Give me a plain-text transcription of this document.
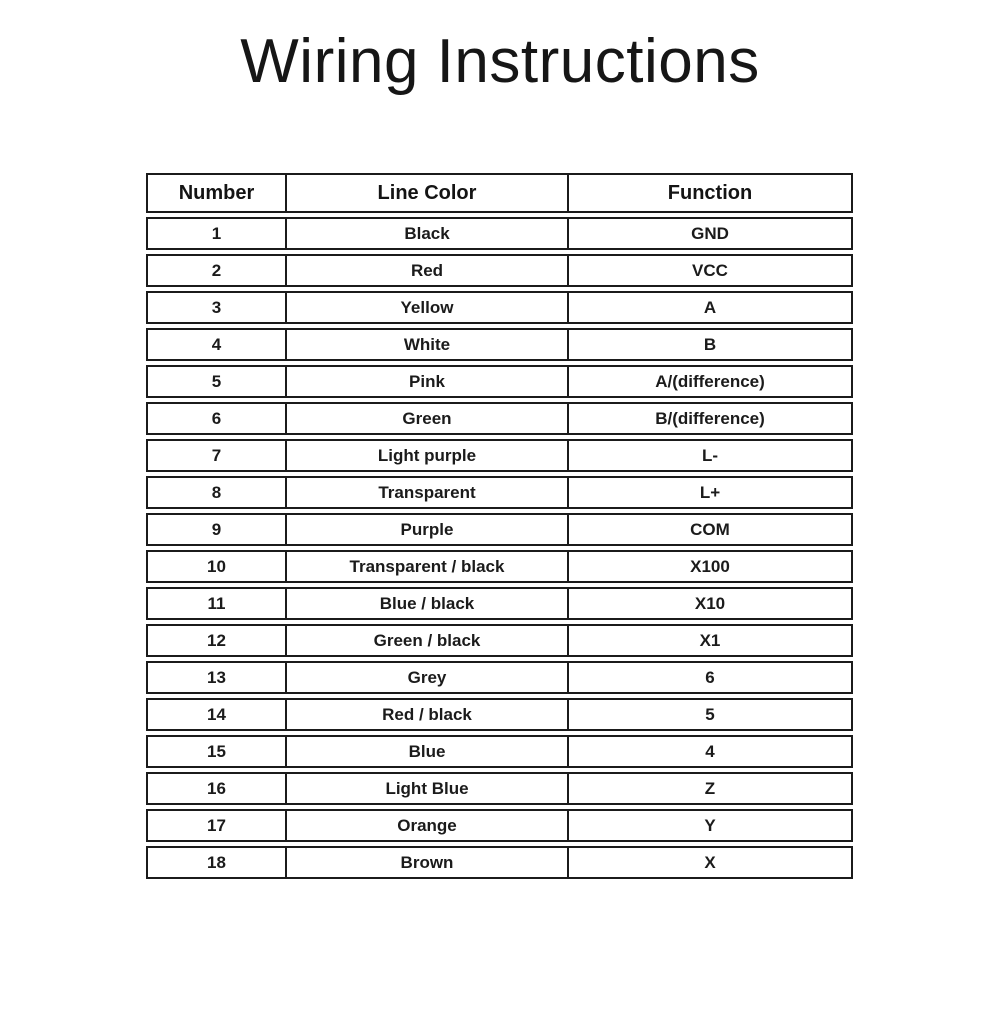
Wiring Instructions
Number	Line Color	Function
1	Black	GND
2	Red	VCC
3	Yellow	A
4	White	B
5	Pink	A/(difference)
6	Green	B/(difference)
7	Light purple	L-
8	Transparent	L+
9	Purple	COM
10	Transparent / black	X100
11	Blue / black	X10
12	Green / black	X1
13	Grey	6
14	Red / black	5
15	Blue	4
16	Light Blue	Z
17	Orange	Y
18	Brown	X
